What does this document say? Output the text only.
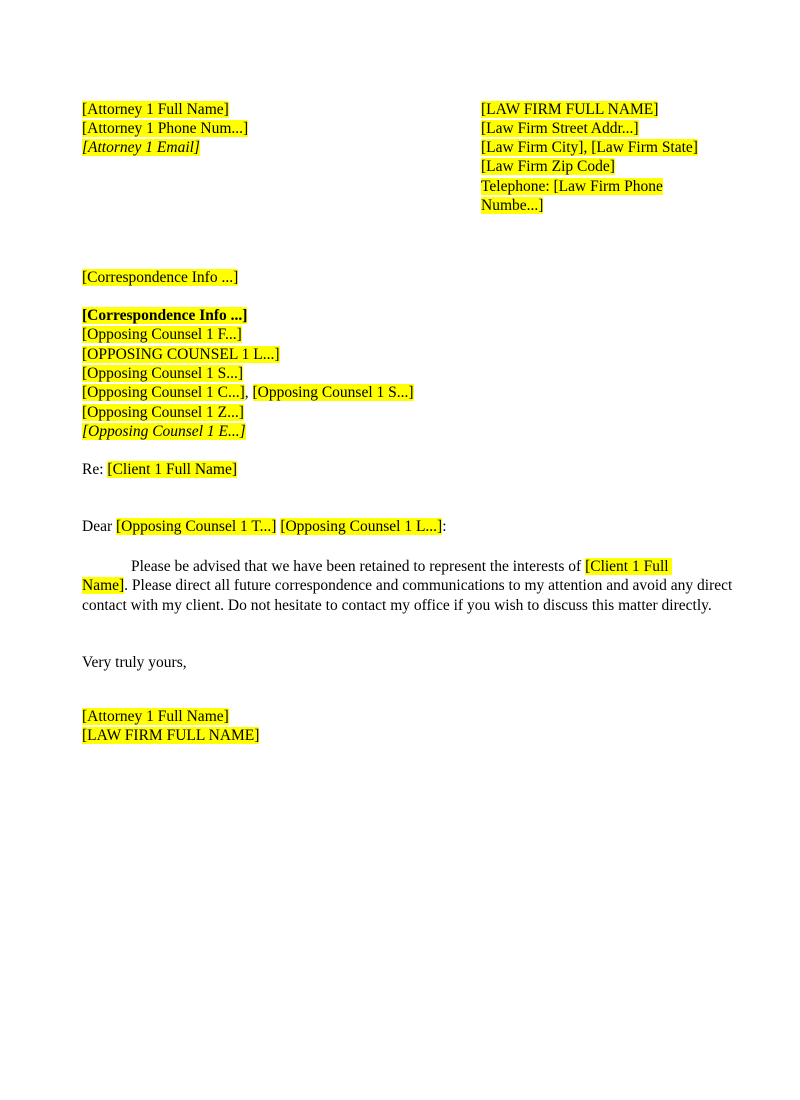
[Attorney 1 Full Name]
[Attorney 1 Phone Num...]
[Attorney 1 Email]
[LAW FIRM FULL NAME]
[Law Firm Street Addr...]
[Law Firm City], [Law Firm State]
[Law Firm Zip Code]
Telephone: [Law Firm Phone
Numbe...]
[Correspondence Info ...]
[Correspondence Info ...]
[Opposing Counsel 1 F...]
[OPPOSING COUNSEL 1 L...]
[Opposing Counsel 1 S...]
[Opposing Counsel 1 C...], [Opposing Counsel 1 S...]
[Opposing Counsel 1 Z...]
[Opposing Counsel 1 E...]
Re: [Client 1 Full Name]
Dear [Opposing Counsel 1 T...] [Opposing Counsel 1 L...]:
Please be advised that we have been retained to represent the interests of [Client 1 Full
Name]. Please direct all future correspondence and communications to my attention and avoid any direct contact with my client. Do not hesitate to contact my office if you wish to discuss this matter directly.
Very truly yours,
[Attorney 1 Full Name]
[LAW FIRM FULL NAME]
